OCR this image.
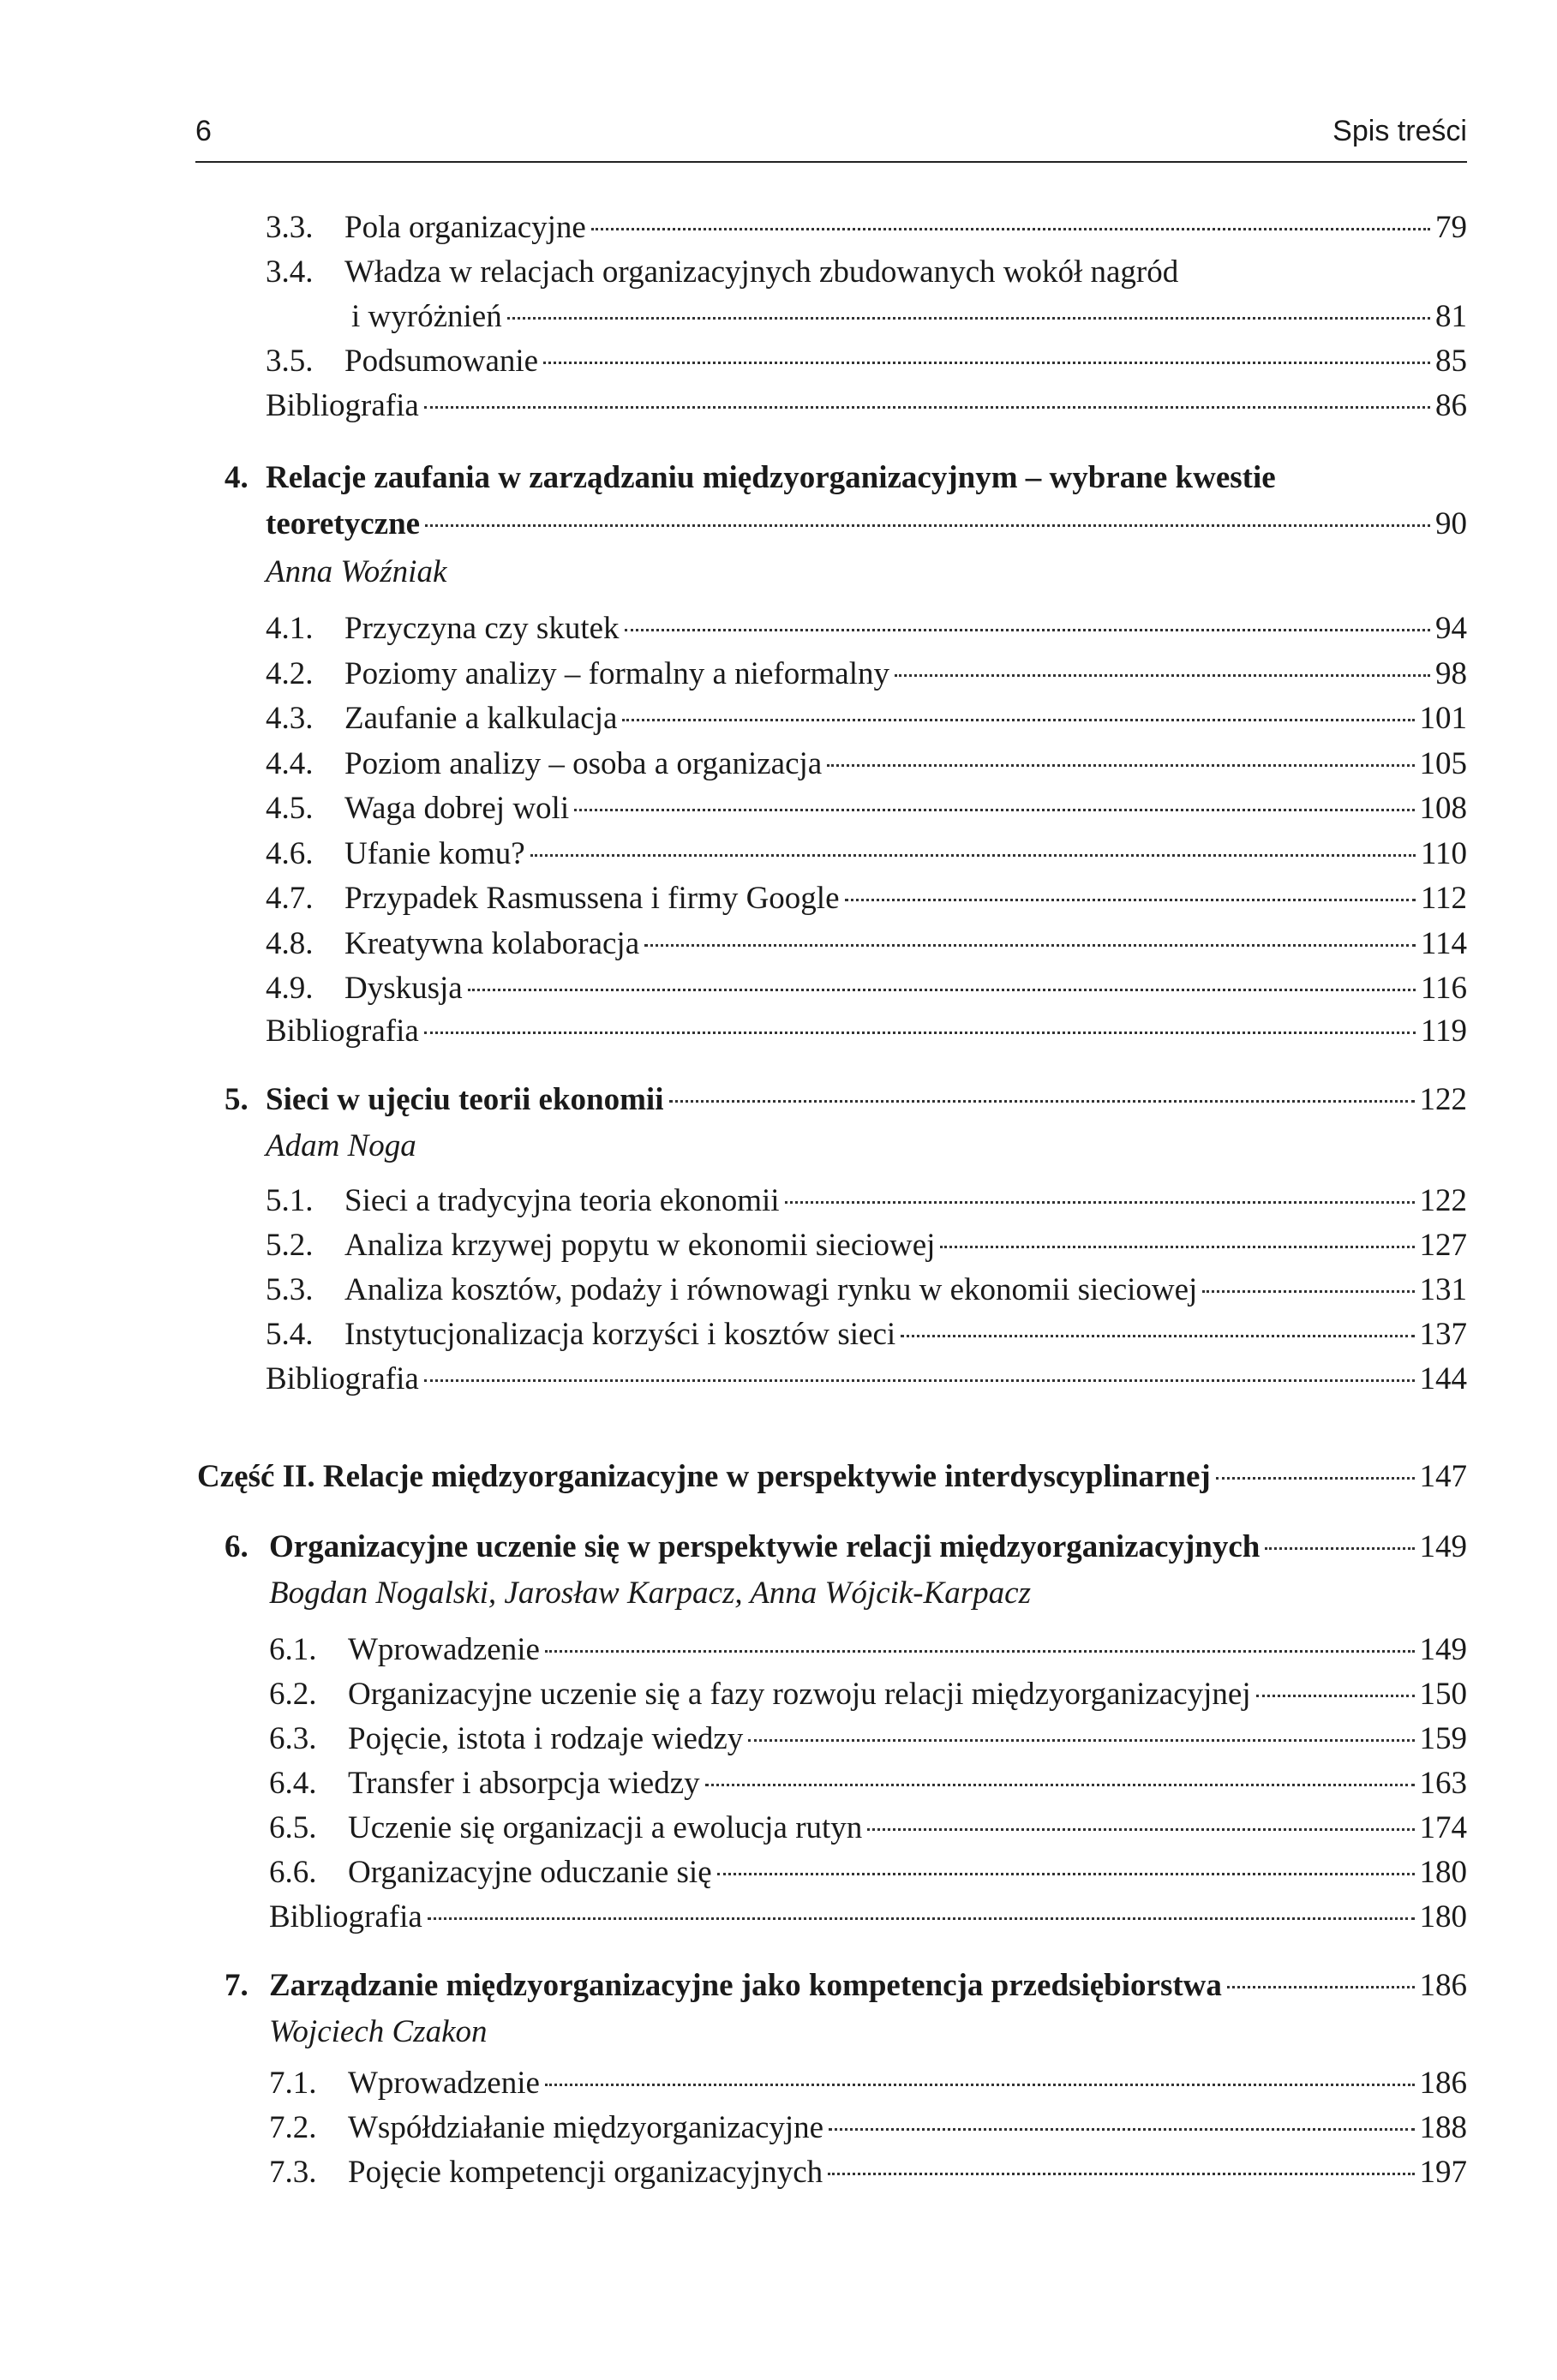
6	Spis treści
3.3. Pola organizacyjne	79
3.4. Władza w relacjach organizacyjnych zbudowanych wokół nagród
i wyróżnień	81
3.5. Podsumowanie	85
Bibliografia	86
4. Relacje zaufania w zarządzaniu międzyorganizacyjnym – wybrane kwestie
teoretyczne	90
Anna Woźniak
4.1. Przyczyna czy skutek	94
4.2. Poziomy analizy – formalny a nieformalny	98
4.3. Zaufanie a kalkulacja	101
4.4. Poziom analizy – osoba a organizacja	105
4.5. Waga dobrej woli	108
4.6. Ufanie komu?	110
4.7. Przypadek Rasmussena i firmy Google	112
4.8. Kreatywna kolaboracja	114
4.9. Dyskusja	116
Bibliografia	119
5. Sieci w ujęciu teorii ekonomii	122
Adam Noga
5.1. Sieci a tradycyjna teoria ekonomii	122
5.2. Analiza krzywej popytu w ekonomii sieciowej	127
5.3. Analiza kosztów, podaży i równowagi rynku w ekonomii sieciowej	131
5.4. Instytucjonalizacja korzyści i kosztów sieci	137
Bibliografia	144
Część II. Relacje międzyorganizacyjne w perspektywie interdyscyplinarnej	147
6. Organizacyjne uczenie się w perspektywie relacji międzyorganizacyjnych	149
Bogdan Nogalski, Jarosław Karpacz, Anna Wójcik-Karpacz
6.1. Wprowadzenie	149
6.2. Organizacyjne uczenie się a fazy rozwoju relacji międzyorganizacyjnej	150
6.3. Pojęcie, istota i rodzaje wiedzy	159
6.4. Transfer i absorpcja wiedzy	163
6.5. Uczenie się organizacji a ewolucja rutyn	174
6.6. Organizacyjne oduczanie się	180
Bibliografia	180
7. Zarządzanie międzyorganizacyjne jako kompetencja przedsiębiorstwa	186
Wojciech Czakon
7.1. Wprowadzenie	186
7.2. Współdziałanie międzyorganizacyjne	188
7.3. Pojęcie kompetencji organizacyjnych	197
